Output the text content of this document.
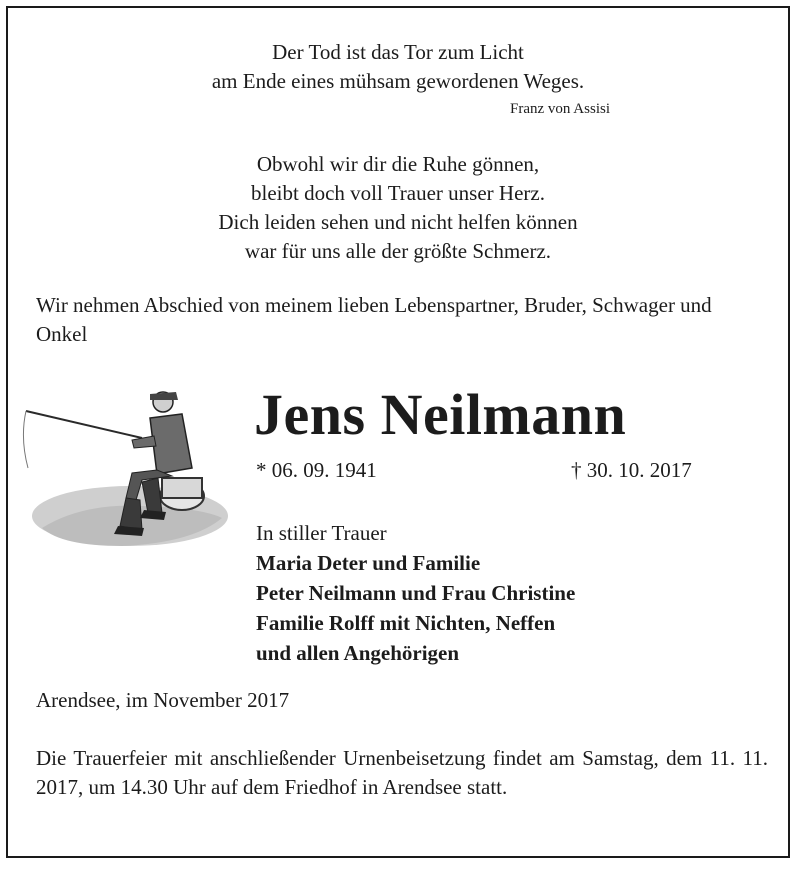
Der Tod ist das Tor zum Licht
am Ende eines mühsam gewordenen Weges.
Franz von Assisi
Obwohl wir dir die Ruhe gönnen,
bleibt doch voll Trauer unser Herz.
Dich leiden sehen und nicht helfen können
war für uns alle der größte Schmerz.
Wir nehmen Abschied von meinem lieben Lebenspartner, Bruder, Schwager und Onkel
Jens Neilmann
* 06. 09. 1941	† 30. 10. 2017
In stiller Trauer
Maria Deter und Familie
Peter Neilmann und Frau Christine
Familie Rolff mit Nichten, Neffen
und allen Angehörigen
Arendsee, im November 2017
Die Trauerfeier mit anschließender Urnenbeisetzung findet am Samstag, dem 11. 11. 2017, um 14.30 Uhr auf dem Friedhof in Arendsee statt.
